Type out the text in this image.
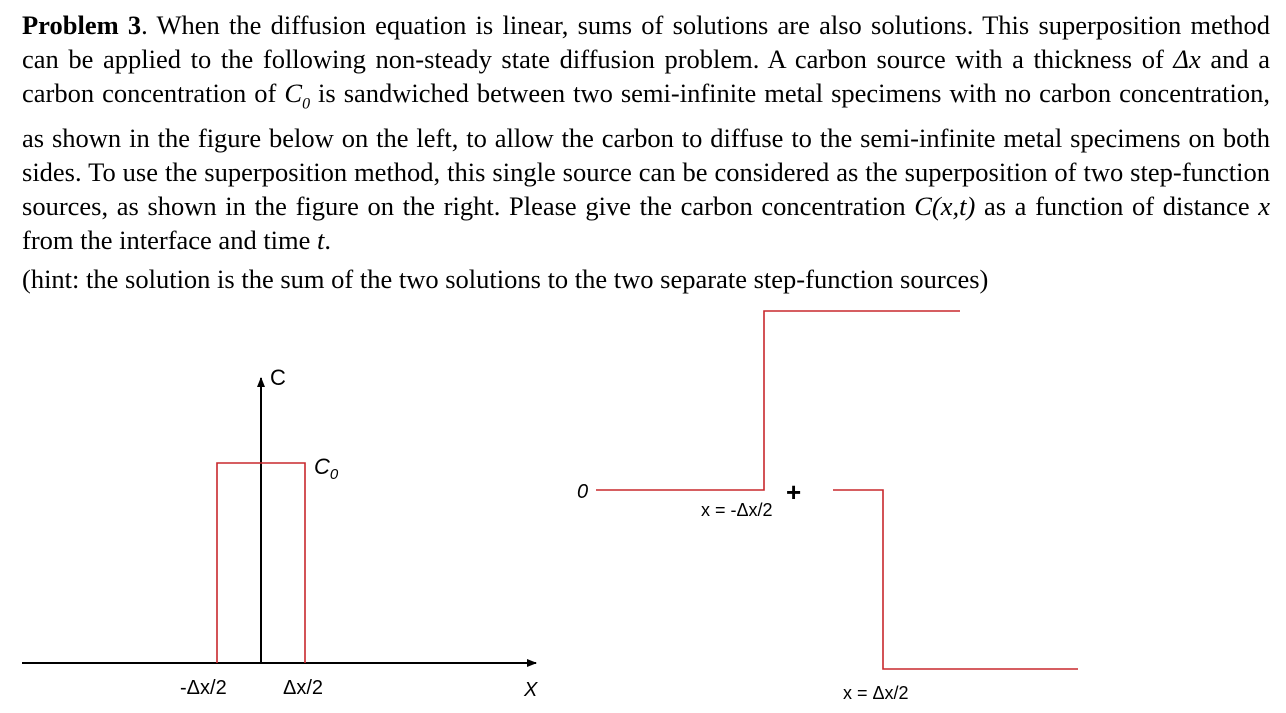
Problem 3. When the diffusion equation is linear, sums of solutions are also solutions. This superposition method can be applied to the following non-steady state diffusion problem. A carbon source with a thickness of Δx and a carbon concentration of $C_0$ is sandwiched between two semi-infinite metal specimens with no carbon concentration, as shown in the figure below on the left, to allow the carbon to diffuse to the semi-infinite metal specimens on both sides. To use the superposition method, this single source can be considered as the superposition of two step-function sources, as shown in the figure on the right. Please give the carbon concentration C(x,t) as a function of distance x from the interface and time t.

(hint: the solution is the sum of the two solutions to the two separate step-function sources)

C
$C_0$
-Δx/2	Δx/2	X
0
x = -Δx/2
+
x = Δx/2
